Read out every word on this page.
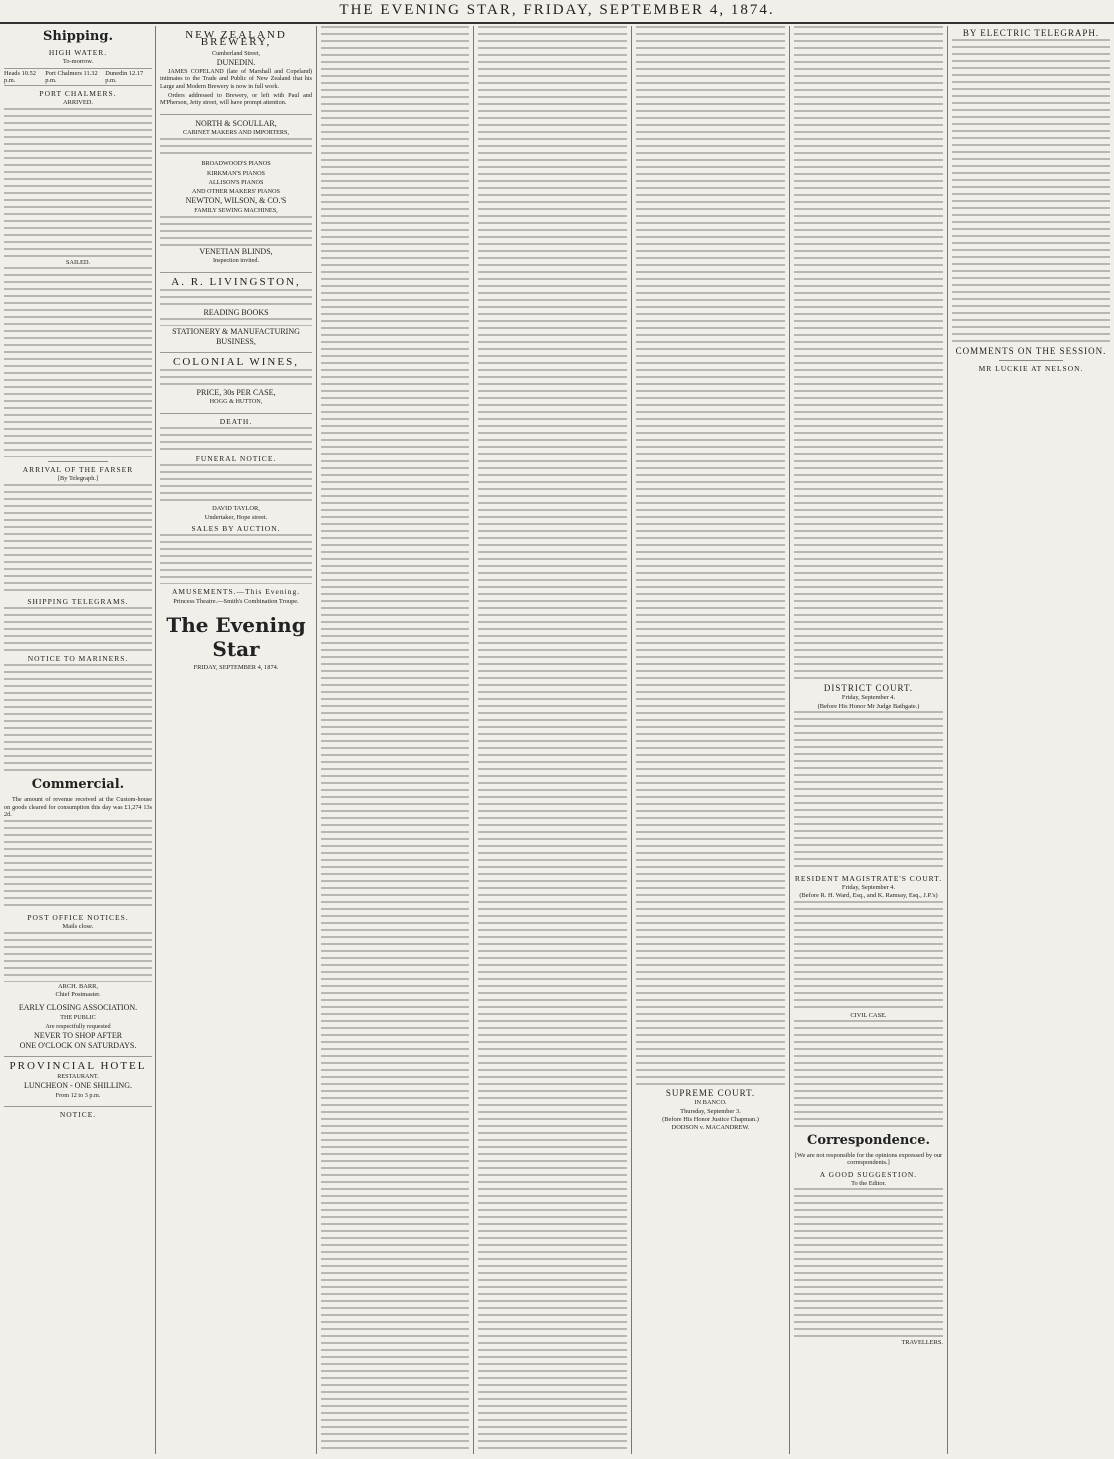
THE EVENING STAR, FRIDAY, SEPTEMBER 4, 1874.
Shipping.
HIGH WATER.
To-morrow.
Heads 10.52 p.m.
Port Chalmers 11.32 p.m.
Dunedin 12.17 p.m.
PORT CHALMERS.
ARRIVED.
SAILED.
ARRIVAL OF THE FARSER
[By Telegraph.]
SHIPPING TELEGRAMS.
NOTICE TO MARINERS.
Commercial.

The amount of revenue received at the Custom-house on goods cleared for consumption this day was £1,274 13s 2d.

POST OFFICE NOTICES.
Mails close.
ARCH. BARR,
Chief Postmaster.
EARLY CLOSING ASSOCIATION.
THE PUBLIC
Are respectfully requested
NEVER TO SHOP AFTER
ONE O'CLOCK ON SATURDAYS.
PROVINCIAL HOTEL
RESTAURANT.
LUNCHEON - ONE SHILLING.
From 12 to 3 p.m.
NOTICE.
NEW ZEALAND BREWERY,
Cumberland Street,
DUNEDIN.

JAMES COPELAND (late of Marshall and Copeland) intimates to the Trade and Public of New Zealand that his Large and Modern Brewery is now in full work.

Orders addressed to Brewery, or left with Paul and M'Pherson, Jetty street, will have prompt attention.

NORTH & SCOULLAR,
CABINET MAKERS AND IMPORTERS,
BROADWOOD'S PIANOS
KIRKMAN'S PIANOS
ALLISON'S PIANOS
AND OTHER MAKERS' PIANOS
NEWTON, WILSON, & CO.'S
FAMILY SEWING MACHINES,
VENETIAN BLINDS,
Inspection invited.
A. R. LIVINGSTON,
READING BOOKS
STATIONERY & MANUFACTURING
BUSINESS,
COLONIAL WINES,
PRICE, 30s PER CASE,
HOGG & HUTTON,
DEATH.
FUNERAL NOTICE.
DAVID TAYLOR,
Undertaker, Hope street.
SALES BY AUCTION.
AMUSEMENTS.—This Evening.
Princess Theatre.—Smith's Combination Troupe.
The Evening Star
FRIDAY, SEPTEMBER 4, 1874.
SUPREME COURT.
IN BANCO.
Thursday, September 3.
(Before His Honor Justice Chapman.)
DODSON v. MACANDREW.
DISTRICT COURT.
Friday, September 4.
(Before His Honor Mr Judge Bathgate.)
RESIDENT MAGISTRATE'S COURT.
Friday, September 4.
(Before R. H. Ward, Esq., and K. Ramsay, Esq., J.P.'s)
CIVIL CASE.
Correspondence.
[We are not responsible for the opinions expressed by our correspondents.]
A GOOD SUGGESTION.
To the Editor.
TRAVELLERS.
BY ELECTRIC TELEGRAPH.
COMMENTS ON THE SESSION.
MR LUCKIE AT NELSON.
